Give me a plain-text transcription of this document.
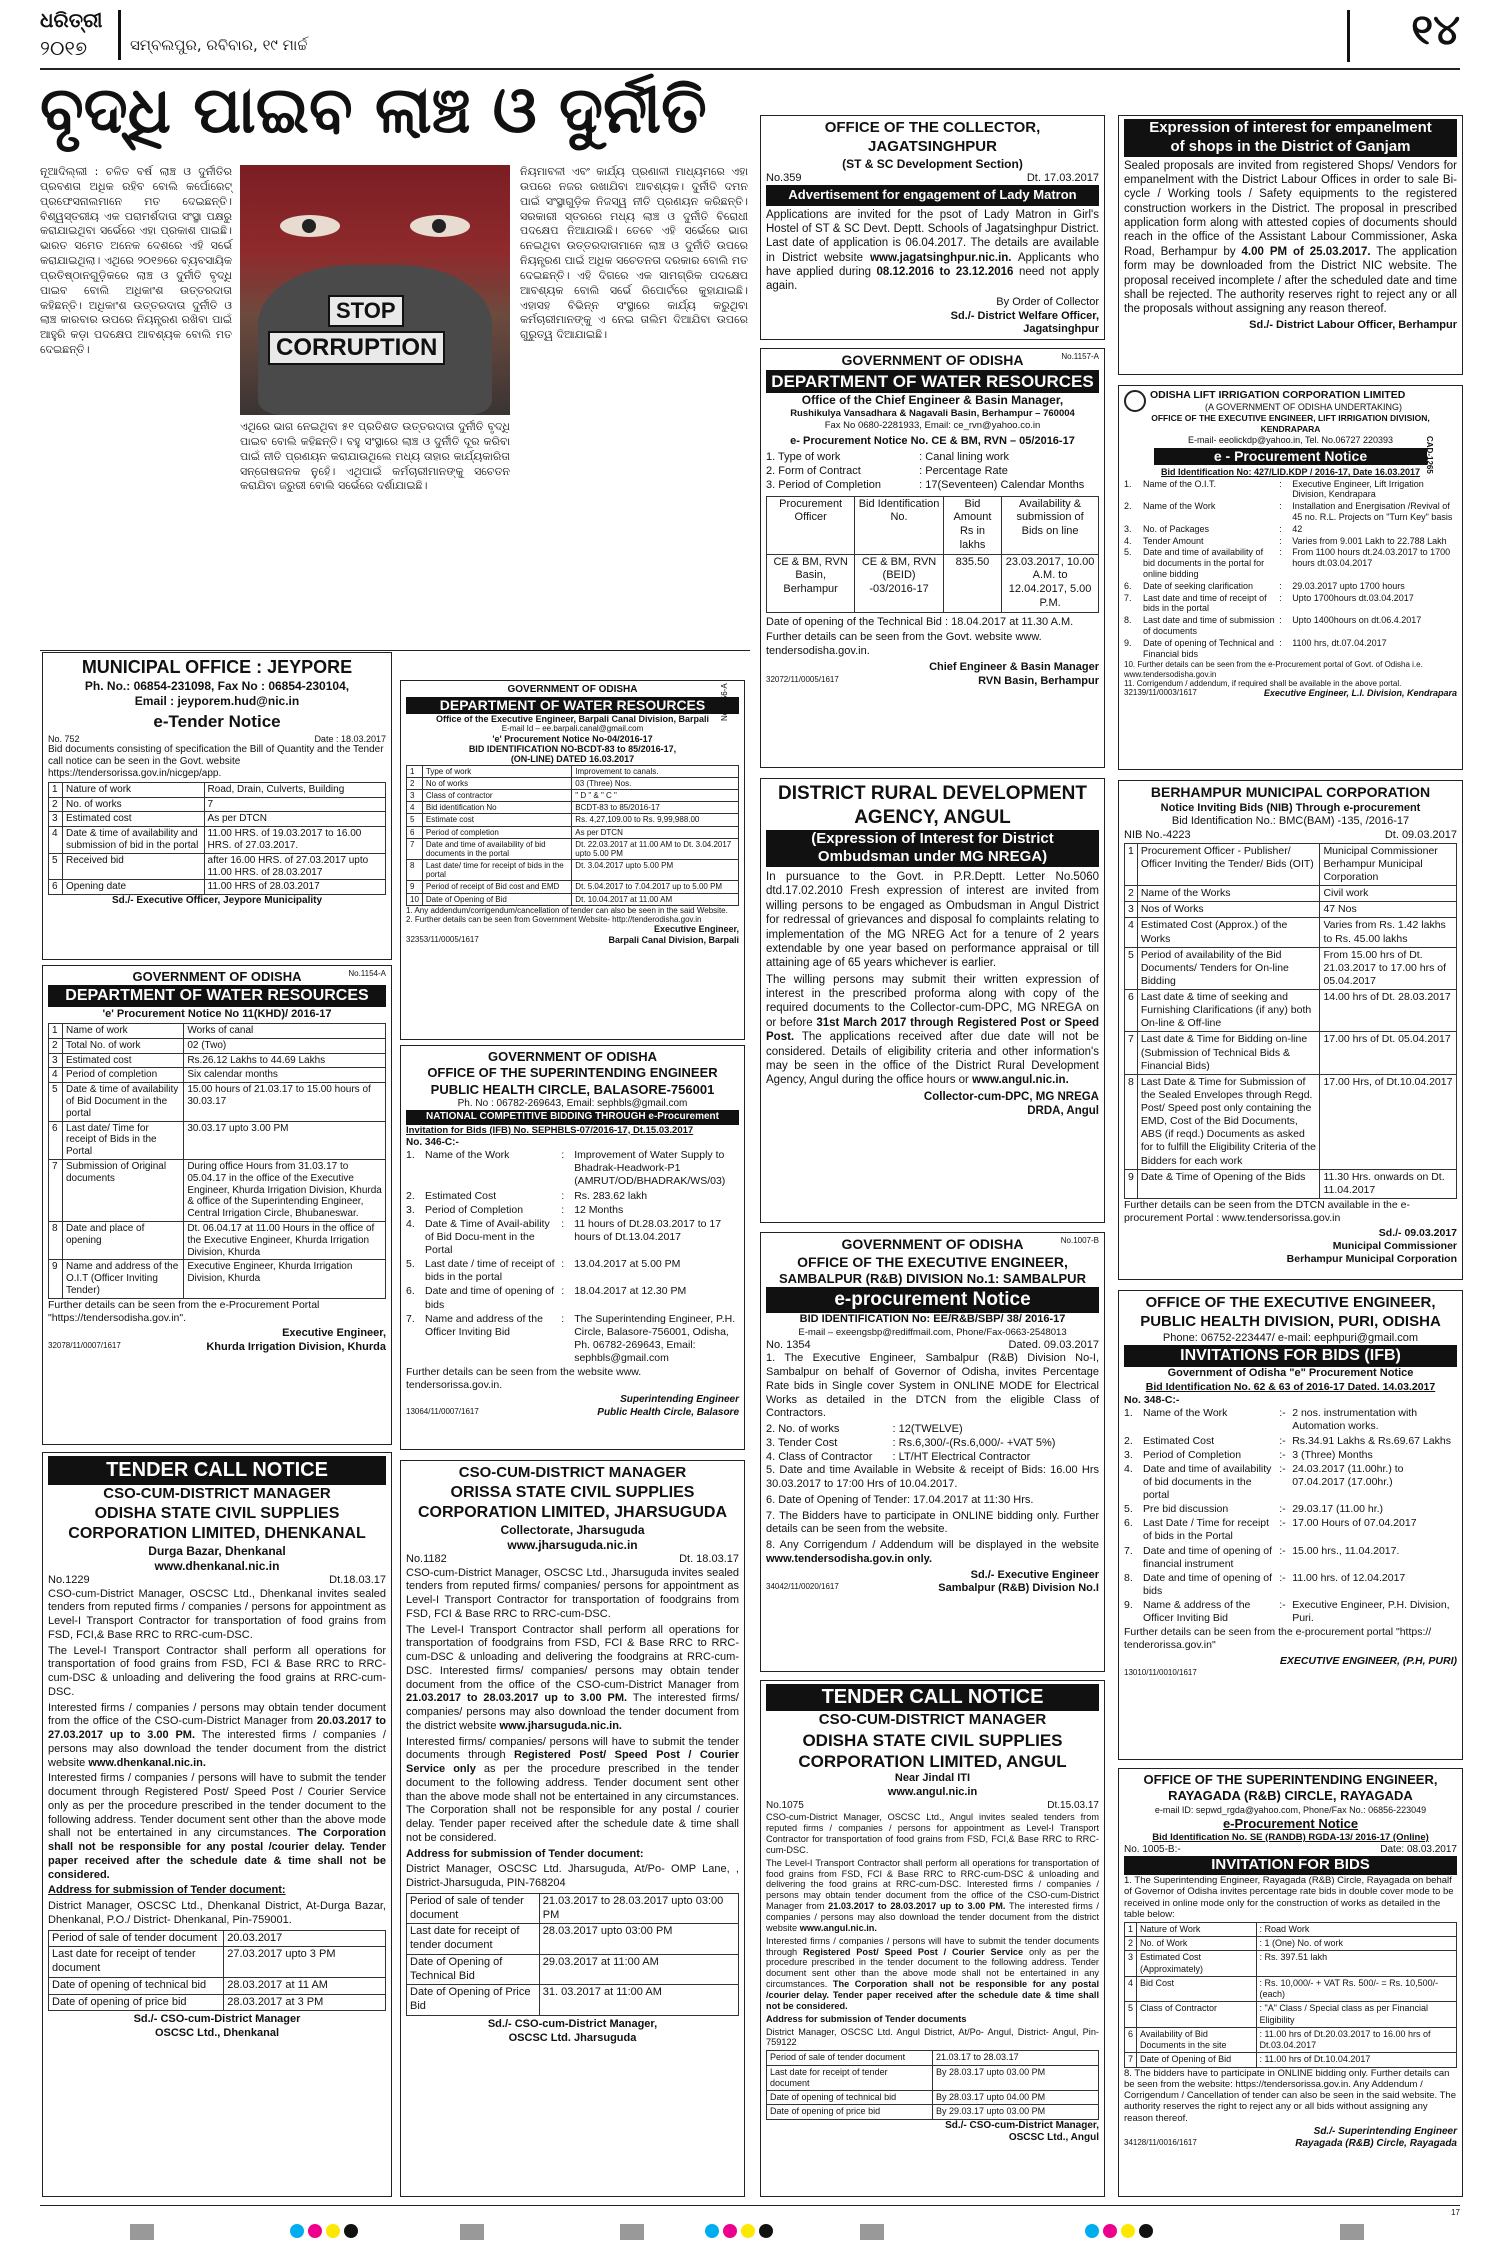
ଧରିତ୍ରୀ
୨୦୧୭	ସମ୍ବଲପୁର, ରବିବାର, ୧୯ ମାର୍ଚ୍ଚ	୧୪
ବୃଦ୍ଧି ପାଇବ ଲାଞ୍ଚ ଓ ଦୁର୍ନୀତି
STOP
CORRUPTION
ନୂଆଦିଲ୍ଲୀ : ଚଳିତ ବର୍ଷ ଲାଞ୍ଚ ଓ ଦୁର୍ନୀତିର ପ୍ରବଣତା ଅଧିକ ରହିବ ବୋଲି କର୍ପୋରେଟ୍ ପ୍ରଫେସନାଲମାନେ ମତ ଦେଇଛନ୍ତି। ବିଶ୍ୱସ୍ତରୀୟ ଏକ ପରାମର୍ଶଦାତା ସଂସ୍ଥା ପକ୍ଷରୁ କରାଯାଇଥିବା ସର୍ଭେରେ ଏହା ପ୍ରକାଶ ପାଇଛି। ଭାରତ ସମେତ ଅନେକ ଦେଶରେ ଏହି ସର୍ଭେ କରାଯାଇଥିଲା। ଏଥିରେ ୨୦୧୭ରେ ବ୍ୟବସାୟିକ ପ୍ରତିଷ୍ଠାନଗୁଡ଼ିକରେ ଲାଞ୍ଚ ଓ ଦୁର୍ନୀତି ବୃଦ୍ଧି ପାଇବ ବୋଲି ଅଧିକାଂଶ ଉତ୍ତରଦାତା କହିଛନ୍ତି। ଅଧିକାଂଶ ଉତ୍ତରଦାତା ଦୁର୍ନୀତି ଓ ଲାଞ୍ଚ କାରବାର ଉପରେ ନିୟନ୍ତ୍ରଣ ରଖିବା ପାଇଁ ଆହୁରି କଡ଼ା ପଦକ୍ଷେପ ଆବଶ୍ୟକ ବୋଲି ମତ ଦେଇଛନ୍ତି।
ଏଥିରେ ଭାଗ ନେଇଥିବା ୫୧ ପ୍ରତିଶତ ଉତ୍ତରଦାତା ଦୁର୍ନୀତି ବୃଦ୍ଧି ପାଇବ ବୋଲି କହିଛନ୍ତି। ବହୁ ସଂସ୍ଥାରେ ଲାଞ୍ଚ ଓ ଦୁର୍ନୀତି ଦୂର କରିବା ପାଇଁ ନୀତି ପ୍ରଣୟନ କରାଯାଉଥିଲେ ମଧ୍ୟ ତାହାର କାର୍ଯ୍ୟକାରିତା ସନ୍ତୋଷଜନକ ନୁହେଁ। ଏଥିପାଇଁ କର୍ମଚାରୀମାନଙ୍କୁ ସଚେତନ କରାଯିବା ଜରୁରୀ ବୋଲି ସର୍ଭେରେ ଦର୍ଶାଯାଇଛି।
ନିୟମାବଳୀ ଏବଂ କାର୍ଯ୍ୟ ପ୍ରଣାଳୀ ମାଧ୍ୟମରେ ଏହା ଉପରେ ନଜର ରଖାଯିବା ଆବଶ୍ୟକ। ଦୁର୍ନୀତି ଦମନ ପାଇଁ ସଂସ୍ଥାଗୁଡ଼ିକ ନିଜସ୍ୱ ନୀତି ପ୍ରଣୟନ କରିଛନ୍ତି। ସରକାରୀ ସ୍ତରରେ ମଧ୍ୟ ଲାଞ୍ଚ ଓ ଦୁର୍ନୀତି ବିରୋଧୀ ପଦକ୍ଷେପ ନିଆଯାଉଛି। ତେବେ ଏହି ସର୍ଭେରେ ଭାଗ ନେଇଥିବା ଉତ୍ତରଦାତାମାନେ ଲାଞ୍ଚ ଓ ଦୁର୍ନୀତି ଉପରେ ନିୟନ୍ତ୍ରଣ ପାଇଁ ଅଧିକ ସଚେତନତା ଦରକାର ବୋଲି ମତ ଦେଇଛନ୍ତି। ଏହି ଦିଗରେ ଏକ ସାମଗ୍ରିକ ପଦକ୍ଷେପ ଆବଶ୍ୟକ ବୋଲି ସର୍ଭେ ରିପୋର୍ଟରେ କୁହାଯାଇଛି। ଏହାସହ ବିଭିନ୍ନ ସଂସ୍ଥାରେ କାର୍ଯ୍ୟ କରୁଥିବା କର୍ମଚାରୀମାନଙ୍କୁ ଏ ନେଇ ତାଲିମ ଦିଆଯିବା ଉପରେ ଗୁରୁତ୍ୱ ଦିଆଯାଇଛି।
MUNICIPAL OFFICE : JEYPORE
Ph. No.: 06854-231098, Fax No : 06854-230104,
Email : jeyporem.hud@nic.in
e-Tender Notice
No. 752	Date : 18.03.2017

Bid documents consisting of specification the Bill of Quantity and the Tender call notice can be seen in the Govt. website https://tendersorissa.gov.in/nicgep/app.

1	Nature of work	Road, Drain, Culverts, Building
2	No. of works	7
3	Estimated cost	As per DTCN
4	Date & time of availability and submission of bid in the portal	11.00 HRS. of 19.03.2017 to 16.00 HRS. of 27.03.2017.
5	Received bid	after 16.00 HRS. of 27.03.2017 upto 11.00 HRS. of 28.03.2017
6	Opening date	11.00 HRS of 28.03.2017
Sd./- Executive Officer, Jeypore Municipality
GOVERNMENT OF ODISHA	No.1154-A
DEPARTMENT OF WATER RESOURCES
'e' Procurement Notice No 11(KHD)/ 2016-17
1	Name of work	Works of canal
2	Total No. of work	02 (Two)
3	Estimated cost	Rs.26.12 Lakhs to 44.69 Lakhs
4	Period of completion	Six calendar months
5	Date & time of availability of Bid Document in the portal	15.00 hours of 21.03.17 to 15.00 hours of 30.03.17
6	Last date/ Time for receipt of Bids in the Portal	30.03.17 upto 3.00 PM
7	Submission of Original documents	During office Hours from 31.03.17 to 05.04.17 in the office of the Executive Engineer, Khurda Irrigation Division, Khurda & office of the Superintending Engineer, Central Irrigation Circle, Bhubaneswar.
8	Date and place of opening	Dt. 06.04.17 at 11.00 Hours in the office of the Executive Engineer, Khurda Irrigation Division, Khurda
9	Name and address of the O.I.T (Officer Inviting Tender)	Executive Engineer, Khurda Irrigation Division, Khurda

Further details can be seen from the e-Procurement Portal "https://tendersodisha.gov.in".

Executive Engineer,
32078/11/0007/1617	Khurda Irrigation Division, Khurda
TENDER CALL NOTICE
CSO-CUM-DISTRICT MANAGER
ODISHA STATE CIVIL SUPPLIES
CORPORATION LIMITED, DHENKANAL
Durga Bazar, Dhenkanal
www.dhenkanal.nic.in
No.1229	Dt.18.03.17

CSO-cum-District Manager, OSCSC Ltd., Dhenkanal invites sealed tenders from reputed firms / companies / persons for appointment as Level-I Transport Contractor for transportation of food grains from FSD, FCI,& Base RRC to RRC-cum-DSC.

The Level-I Transport Contractor shall perform all operations for transportation of food grains from FSD, FCI & Base RRC to RRC-cum-DSC & unloading and delivering the food grains at RRC-cum-DSC.

Interested firms / companies / persons may obtain tender document from the office of the CSO-cum-District Manager from 20.03.2017 to 27.03.2017 up to 3.00 PM. The interested firms / companies / persons may also download the tender document from the district website www.dhenkanal.nic.in.

Interested firms / companies / persons will have to submit the tender document through Registered Post/ Speed Post / Courier Service only as per the procedure prescribed in the tender document to the following address. Tender document sent other than the above mode shall not be entertained in any circumstances. The Corporation shall not be responsible for any postal /courier delay. Tender paper received after the schedule date & time shall not be considered.

Address for submission of Tender document:

District Manager, OSCSC Ltd., Dhenkanal District, At-Durga Bazar, Dhenkanal, P.O./ District- Dhenkanal, Pin-759001.

Period of sale of tender document	20.03.2017
Last date for receipt of tender document	27.03.2017 upto 3 PM
Date of opening of technical bid	28.03.2017 at 11 AM
Date of opening of price bid	28.03.2017 at 3 PM
Sd./- CSO-cum-District Manager
OSCSC Ltd., Dhenkanal
GOVERNMENT OF ODISHA
DEPARTMENT OF WATER RESOURCES
Office of the Executive Engineer, Barpali Canal Division, Barpali
E-mail Id – ee.barpali.canal@gmail.com
'e' Procurement Notice No-04/2016-17
BID IDENTIFICATION NO-BCDT-83 to 85/2016-17,
(ON-LINE) DATED 16.03.2017
1	Type of work	Improvement to canals.
2	No of works	03 (Three) Nos.
3	Class of contractor	" D " & " C "
4	Bid identification No	BCDT-83 to 85/2016-17
5	Estimate cost	Rs. 4,27,109.00 to Rs. 9,99,988.00
6	Period of completion	As per DTCN
7	Date and time of availability of bid documents in the portal	Dt. 22.03.2017 at 11.00 AM to Dt. 3.04.2017 upto 5.00 PM
8	Last date/ time for receipt of bids in the portal	Dt. 3.04.2017 upto 5.00 PM
9	Period of receipt of Bid cost and EMD	Dt. 5.04.2017 to 7.04.2017 up to 5.00 PM
10	Date of Opening of Bid	Dt. 10.04.2017 at 11.00 AM
1. Any addendum/corrigendum/cancellation of tender can also be seen in the said Website.
2. Further details can be seen from Government Website- http://tenderodisha.gov.in
Executive Engineer,
32353/11/0005/1617	Barpali Canal Division, Barpali
No.1156-A
GOVERNMENT OF ODISHA
OFFICE OF THE SUPERINTENDING ENGINEER
PUBLIC HEALTH CIRCLE, BALASORE-756001
Ph. No : 06782-269643, Email: sephbls@gmail.com
NATIONAL COMPETITIVE BIDDING THROUGH e-Procurement
Invitation for Bids (IFB) No. SEPHBLS-07/2016-17, Dt.15.03.2017
No. 346-C:-
1. Name of the Work	: Improvement of Water Supply to Bhadrak-Headwork-P1 (AMRUT/OD/BHADRAK/WS/03)
2. Estimated Cost	: Rs. 283.62 lakh
3. Period of Completion	: 12 Months
4. Date & Time of Avail-ability of Bid Docu-ment in the Portal
: 11 hours of Dt.28.03.2017 to 17 hours of Dt.13.04.2017
5. Last date / time of receipt of bids in the portal
: 13.04.2017 at 5.00 PM
6. Date and time of opening of bids
: 18.04.2017 at 12.30 PM
7. Name and address of the Officer Inviting Bid
: The Superintending Engineer, P.H. Circle, Balasore-756001, Odisha, Ph. 06782-269643, Email: sephbls@gmail.com

Further details can be seen from the website www. tendersorissa.gov.in.

Superintending Engineer
13064/11/0007/1617	Public Health Circle, Balasore
CSO-CUM-DISTRICT MANAGER
ORISSA STATE CIVIL SUPPLIES
CORPORATION LIMITED, JHARSUGUDA
Collectorate, Jharsuguda
www.jharsuguda.nic.in
No.1182	Dt. 18.03.17

CSO-cum-District Manager, OSCSC Ltd., Jharsuguda invites sealed tenders from reputed firms/ companies/ persons for appointment as Level-I Transport Contractor for transportation of foodgrains from FSD, FCI & Base RRC to RRC-cum-DSC.

The Level-I Transport Contractor shall perform all operations for transportation of foodgrains from FSD, FCI & Base RRC to RRC-cum-DSC & unloading and delivering the foodgrains at RRC-cum-DSC. Interested firms/ companies/ persons may obtain tender document from the office of the CSO-cum-District Manager from 21.03.2017 to 28.03.2017 up to 3.00 PM. The interested firms/ companies/ persons may also download the tender document from the district website www.jharsuguda.nic.in.

Interested firms/ companies/ persons will have to submit the tender documents through Registered Post/ Speed Post / Courier Service only as per the procedure prescribed in the tender document to the following address. Tender document sent other than the above mode shall not be entertained in any circumstances. The Corporation shall not be responsible for any postal / courier delay. Tender paper received after the schedule date & time shall not be considered.

Address for submission of Tender document:

District Manager, OSCSC Ltd. Jharsuguda, At/Po- OMP Lane, , District-Jharsuguda, PIN-768204

Period of sale of tender document	21.03.2017 to 28.03.2017 upto 03:00 PM
Last date for receipt of tender document	28.03.2017 upto 03:00 PM
Date of Opening of Technical Bid	29.03.2017 at 11:00 AM
Date of Opening of Price Bid	31. 03.2017 at 11:00 AM
Sd./- CSO-cum-District Manager,
OSCSC Ltd. Jharsuguda
OFFICE OF THE COLLECTOR, JAGATSINGHPUR
(ST & SC Development Section)
No.359	Dt. 17.03.2017
Advertisement for engagement of Lady Matron

Applications are invited for the psot of Lady Matron in Girl's Hostel of ST & SC Devt. Deptt. Schools of Jagatsinghpur District. Last date of application is 06.04.2017. The details are available in District website www.jagatsinghpur.nic.in. Applicants who have applied during 08.12.2016 to 23.12.2016 need not apply again.

By Order of Collector
Sd./- District Welfare Officer,
Jagatsinghpur
Expression of interest for empanelment
of shops in the District of Ganjam

Sealed proposals are invited from registered Shops/ Vendors for empanelment with the District Labour Offices in order to sale Bi-cycle / Working tools / Safety equipments to the registered construction workers in the District. The proposal in prescribed application form along with attested copies of documents should reach in the office of the Assistant Labour Commissioner, Aska Road, Berhampur by 4.00 PM of 25.03.2017. The application form may be downloaded from the District NIC website. The proposal received incomplete / after the scheduled date and time shall be rejected. The authority reserves right to reject any or all the proposals without assigning any reason thereof.

Sd./- District Labour Officer, Berhampur
GOVERNMENT OF ODISHA	No.1157-A
DEPARTMENT OF WATER RESOURCES
Office of the Chief Engineer & Basin Manager,
Rushikulya Vansadhara & Nagavali Basin, Berhampur – 760004
Fax No 0680-2281933, Email: ce_rvn@yahoo.co.in
e- Procurement Notice No. CE & BM, RVN – 05/2016-17
1. Type of work	: Canal lining work
2. Form of Contract	: Percentage Rate
3. Period of Completion	: 17(Seventeen) Calendar Months
Procurement Officer	Bid Identification No.	Bid Amount Rs in lakhs	Availability & submission of Bids on line
CE & BM, RVN Basin, Berhampur	CE & BM, RVN (BEID) -03/2016-17	835.50	23.03.2017, 10.00 A.M. to 12.04.2017, 5.00 P.M.

Date of opening of the Technical Bid : 18.04.2017 at 11.30 A.M.

Further details can be seen from the Govt. website www. tendersodisha.gov.in.

Chief Engineer & Basin Manager
32072/11/0005/1617	RVN Basin, Berhampur
DISTRICT RURAL DEVELOPMENT
AGENCY, ANGUL
(Expression of Interest for District
Ombudsman under MG NREGA)

In pursuance to the Govt. in P.R.Deptt. Letter No.5060 dtd.17.02.2010 Fresh expression of interest are invited from willing persons to be engaged as Ombudsman in Angul District for redressal of grievances and disposal fo complaints relating to implementation of the MG NREG Act for a tenure of 2 years extendable by one year based on performance appraisal or till attaining age of 65 years whichever is earlier.

The willing persons may submit their written expression of interest in the prescribed proforma along with copy of the required documents to the Collector-cum-DPC, MG NREGA on or before 31st March 2017 through Registered Post or Speed Post. The applications received after due date will not be considered. Details of eligibility criteria and other information's may be seen in the office of the District Rural Development Agency, Angul during the office hours or www.angul.nic.in.

Collector-cum-DPC, MG NREGA
DRDA, Angul
GOVERNMENT OF ODISHA	No.1007-B
OFFICE OF THE EXECUTIVE ENGINEER,
SAMBALPUR (R&B) DIVISION No.1: SAMBALPUR
e-procurement Notice
BID IDENTIFICATION No: EE/R&B/SBP/ 38/ 2016-17
E-mail – exeengsbp@rediffmail.com, Phone/Fax-0663-2548013
No. 1354	Dated. 09.03.2017

1. The Executive Engineer, Sambalpur (R&B) Division No-I, Sambalpur on behalf of Governor of Odisha, invites Percentage Rate bids in Single cover System in ONLINE MODE for Electrical Works as detailed in the DTCN from the eligible Class of Contractors.

2. No. of works	: 12(TWELVE)
3. Tender Cost	: Rs.6,300/-(Rs.6,000/- +VAT 5%)
4. Class of Contractor	: LT/HT Electrical Contractor

5. Date and time Available in Website & receipt of Bids: 16.00 Hrs 30.03.2017 to 17:00 Hrs of 10.04.2017.

6. Date of Opening of Tender: 17.04.2017 at 11:30 Hrs.

7. The Bidders have to participate in ONLINE bidding only. Further details can be seen from the website.

8. Any Corrigendum / Addendum will be displayed in the website www.tendersodisha.gov.in only.

Sd./- Executive Engineer
34042/11/0020/1617	Sambalpur (R&B) Division No.I
TENDER CALL NOTICE
CSO-CUM-DISTRICT MANAGER
ODISHA STATE CIVIL SUPPLIES
CORPORATION LIMITED, ANGUL
Near Jindal ITI
www.angul.nic.in
No.1075	Dt.15.03.17

CSO-cum-District Manager, OSCSC Ltd., Angul invites sealed tenders from reputed firms / companies / persons for appointment as Level-I Transport Contractor for transportation of food grains from FSD, FCI,& Base RRC to RRC-cum-DSC.

The Level-I Transport Contractor shall perform all operations for transportation of food grains from FSD, FCI & Base RRC to RRC-cum-DSC & unloading and delivering the food grains at RRC-cum-DSC. Interested firms / companies / persons may obtain tender document from the office of the CSO-cum-District Manager from 21.03.2017 to 28.03.2017 up to 3.00 PM. The interested firms / companies / persons may also download the tender document from the district website www.angul.nic.in.

Interested firms / companies / persons will have to submit the tender documents through Registered Post/ Speed Post / Courier Service only as per the procedure prescribed in the tender document to the following address. Tender document sent other than the above mode shall not be entertained in any circumstances. The Corporation shall not be responsible for any postal /courier delay. Tender paper received after the schedule date & time shall not be considered.

Address for submission of Tender documents

District Manager, OSCSC Ltd. Angul District, At/Po- Angul, District- Angul, Pin- 759122

Period of sale of tender document	21.03.17 to 28.03.17
Last date for receipt of tender document	By 28.03.17 upto 03.00 PM
Date of opening of technical bid	By 28.03.17 upto 04.00 PM
Date of opening of price bid	By 29.03.17 upto 03.00 PM
Sd./- CSO-cum-District Manager,
OSCSC Ltd., Angul
ODISHA LIFT IRRIGATION CORPORATION LIMITED
(A GOVERNMENT OF ODISHA UNDERTAKING)
OFFICE OF THE EXECUTIVE ENGINEER, LIFT IRRIGATION DIVISION, KENDRAPARA
E-mail- eeolickdp@yahoo.in, Tel. No.06727 220393
e - Procurement Notice
Bid Identification No: 427/LID.KDP / 2016-17, Date 16.03.2017
1.	Name of the O.I.T.	:	Executive Engineer, Lift Irrigation Division, Kendrapara
2.	Name of the Work	:	Installation and Energisation /Revival of 45 no. R.L. Projects on "Turn Key" basis
3.	No. of Packages	:	42
4.	Tender Amount	:	Varies from 9.001 Lakh to 22.788 Lakh
5.	Date and time of availability of bid documents in the portal for online bidding
:	From 1100 hours dt.24.03.2017 to 1700 hours dt.03.04.2017
6.	Date of seeking clarification	:	29.03.2017 upto 1700 hours
7.	Last date and time of receipt of bids in the portal
:	Upto 1700hours dt.03.04.2017
8.	Last date and time of submission of documents
:	Upto 1400hours on dt.06.4.2017
9.	Date of opening of Technical and Financial bids
:	1100 hrs, dt.07.04.2017
10. Further details can be seen from the e-Procurement portal of Govt. of Odisha i.e. www.tendersodisha.gov.in
11. Corrigendum / addendum, if required shall be available in the above portal.
32139/11/0003/1617	Executive Engineer, L.I. Division, Kendrapara
CAD-1265
BERHAMPUR MUNICIPAL CORPORATION
Notice Inviting Bids (NIB) Through e-procurement
Bid Identification No.: BMC(BAM) -135, /2016-17
NIB No.-4223	Dt. 09.03.2017
1	Procurement Officer - Publisher/ Officer Inviting the Tender/ Bids (OIT)	Municipal Commissioner Berhampur Municipal Corporation
2	Name of the Works	Civil work
3	Nos of Works	47 Nos
4	Estimated Cost (Approx.) of the Works	Varies from Rs. 1.42 lakhs to Rs. 45.00 lakhs
5	Period of availability of the Bid Documents/ Tenders for On-line Bidding	From 15.00 hrs of Dt. 21.03.2017 to 17.00 hrs of 05.04.2017
6	Last date & time of seeking and Furnishing Clarifications (if any) both On-line & Off-line	14.00 hrs of Dt. 28.03.2017
7	Last date & Time for Bidding on-line (Submission of Technical Bids & Financial Bids)	17.00 hrs of Dt. 05.04.2017
8	Last Date & Time for Submission of the Sealed Envelopes through Regd. Post/ Speed post only containing the EMD, Cost of the Bid Documents, ABS (if reqd.) Documents as asked for to fulfill the Eligibility Criteria of the Bidders for each work	17.00 Hrs, of Dt.10.04.2017
9	Date & Time of Opening of the Bids	11.30 Hrs. onwards on Dt. 11.04.2017

Further details can be seen from the DTCN available in the e-procurement Portal : www.tendersorissa.gov.in

Sd./- 09.03.2017
Municipal Commissioner
Berhampur Municipal Corporation
OFFICE OF THE EXECUTIVE ENGINEER,
PUBLIC HEALTH DIVISION, PURI, ODISHA
Phone: 06752-223447/ e-mail: eephpuri@gmail.com
INVITATIONS FOR BIDS (IFB)
Government of Odisha "e" Procurement Notice
Bid Identification No. 62 & 63 of 2016-17 Dated. 14.03.2017
No. 348-C:-
1. Name of the Work	:- 2 nos. instrumentation with Automation works.
2. Estimated Cost	:- Rs.34.91 Lakhs & Rs.69.67 Lakhs
3. Period of Completion	:- 3 (Three) Months
4. Date and time of availability of bid documents in the portal
:- 24.03.2017 (11.00hr.) to 07.04.2017 (17.00hr.)
5. Pre bid discussion	:- 29.03.17 (11.00 hr.)
6. Last Date / Time for receipt of bids in the Portal
:- 17.00 Hours of 07.04.2017
7. Date and time of opening of financial instrument
:- 15.00 hrs., 11.04.2017.
8. Date and time of opening of bids
:- 11.00 hrs. of 12.04.2017
9. Name & address of the Officer Inviting Bid
:- Executive Engineer, P.H. Division, Puri.

Further details can be seen from the e-procurement portal "https:// tenderorissa.gov.in"

EXECUTIVE ENGINEER, (P.H, PURI)
13010/11/0010/1617
OFFICE OF THE SUPERINTENDING ENGINEER,
RAYAGADA (R&B) CIRCLE, RAYAGADA
e-mail ID: sepwd_rgda@yahoo.com, Phone/Fax No.: 06856-223049
e-Procurement Notice
Bid Identification No. SE (RANDB) RGDA-13/ 2016-17 (Online)
No. 1005-B:-	Date: 08.03.2017
INVITATION FOR BIDS

1. The Superintending Engineer, Rayagada (R&B) Circle, Rayagada on behalf of Governor of Odisha invites percentage rate bids in double cover mode to be received in online mode only for the construction of works as detailed in the table below:

1	Nature of Work	: Road Work
2	No. of Work	: 1 (One) No. of work
3	Estimated Cost (Approximately)	: Rs. 397.51 lakh
4	Bid Cost	: Rs. 10,000/- + VAT Rs. 500/- = Rs. 10,500/- (each)
5	Class of Contractor	: "A" Class / Special class as per Financial Eligibility
6	Availability of Bid Documents in the site	: 11.00 hrs of Dt.20.03.2017 to 16.00 hrs of Dt.03.04.2017
7	Date of Opening of Bid	: 11.00 hrs of Dt.10.04.2017

8. The bidders have to participate in ONLINE bidding only. Further details can be seen from the website: https://tendersorissa.gov.in. Any Addendum / Corrigendum / Cancellation of tender can also be seen in the said website. The authority reserves the right to reject any or all bids without assigning any reason thereof.

Sd./- Superintending Engineer
34128/11/0016/1617	Rayagada (R&B) Circle, Rayagada
17
